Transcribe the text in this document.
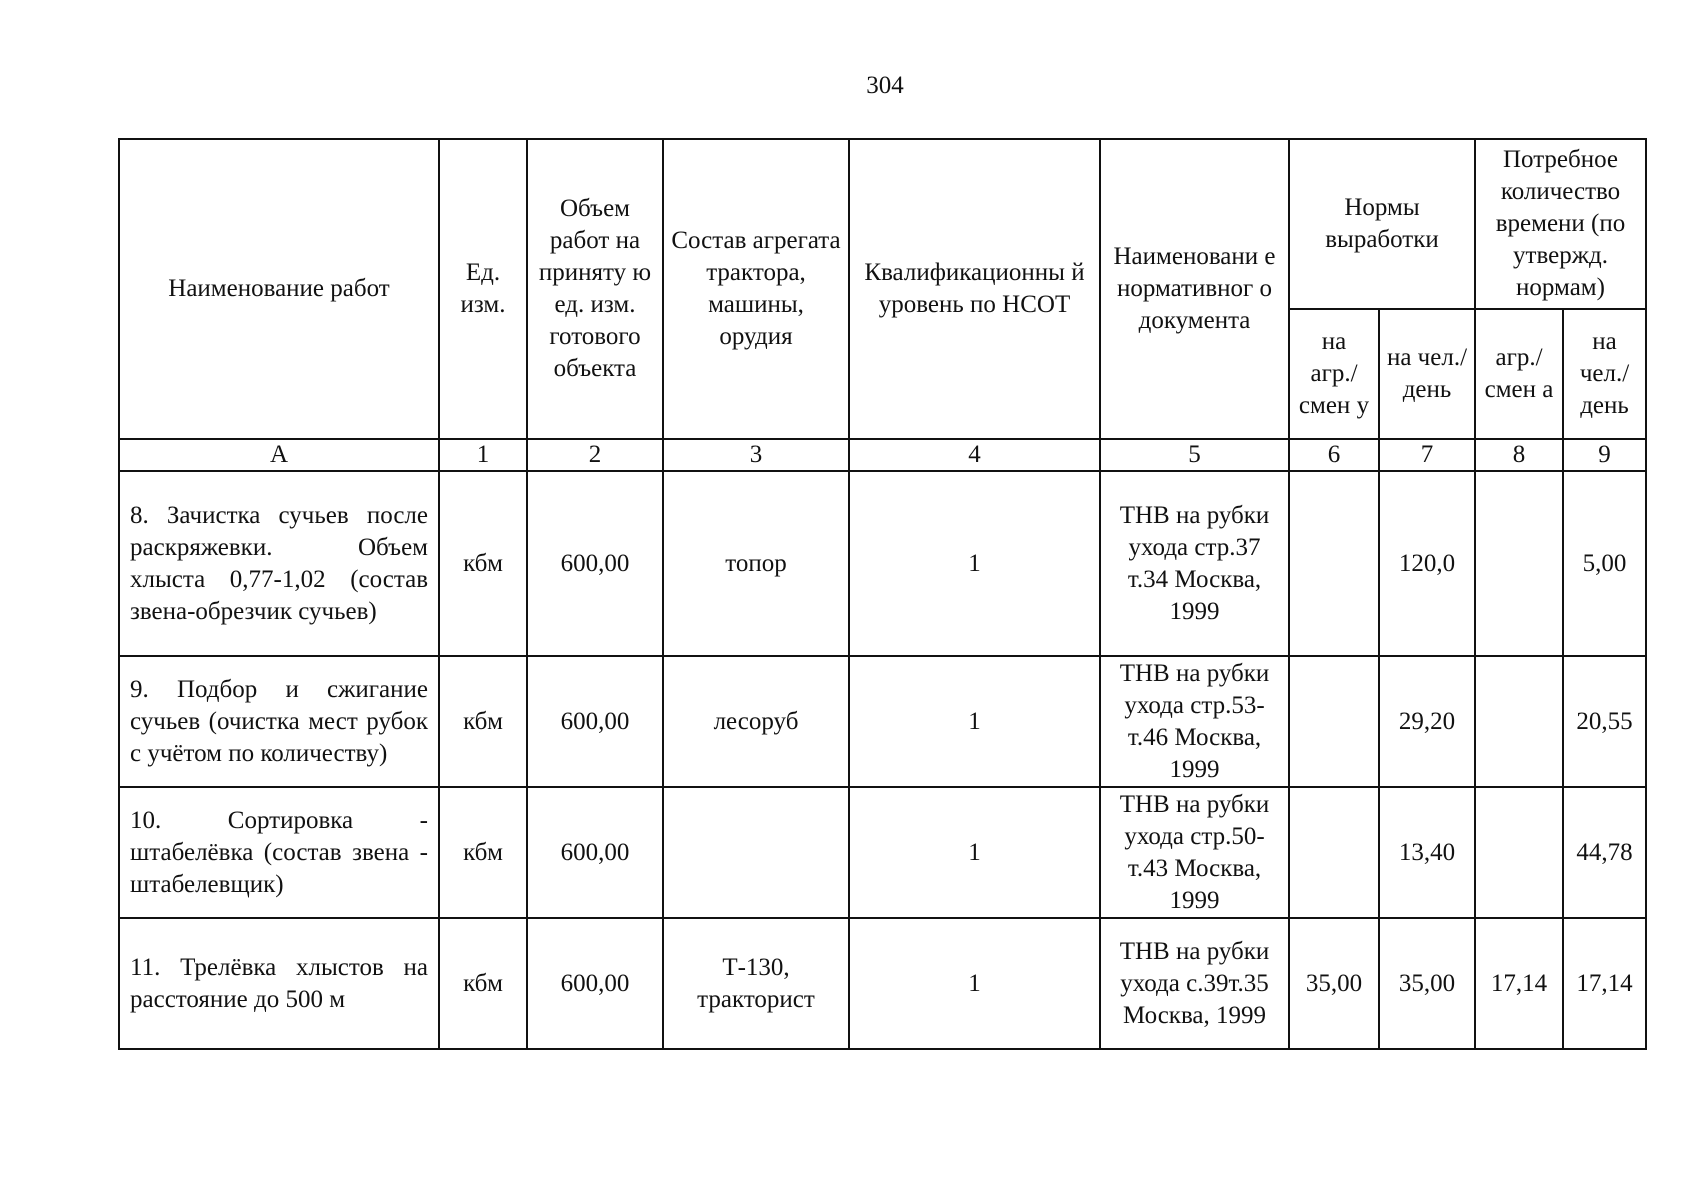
304
Наименование работ	Ед. изм.	Объем работ на приняту ю ед. изм. готового объекта	Состав агрегата трактора, машины, орудия	Квалификационны й уровень по НСОТ	Наименовани е нормативног о документа	Нормы выработки		Потребное количество времени (по утвержд. нормам)	
						на агр./ смен у	на чел./ день	агр./ смен а	на чел./ день
А	1	2	3	4	5	6	7	8	9
8. Зачистка сучьев после раскряжевки. Объем хлыста 0,77-1,02 (состав звена-обрезчик сучьев)	кбм	600,00	топор	1	ТНВ на рубки ухода стр.37 т.34 Москва, 1999		120,0		5,00
9. Подбор и сжигание сучьев (очистка мест рубок с учётом по количеству)	кбм	600,00	лесоруб	1	ТНВ на рубки ухода стр.53-т.46 Москва, 1999		29,20		20,55
10. Сортировка - штабелёвка (состав звена - штабелевщик)	кбм	600,00		1	ТНВ на рубки ухода стр.50-т.43 Москва, 1999		13,40		44,78
11. Трелёвка хлыстов на расстояние до 500 м	кбм	600,00	Т-130, тракторист	1	ТНВ на рубки ухода с.39т.35 Москва, 1999	35,00	35,00	17,14	17,14
